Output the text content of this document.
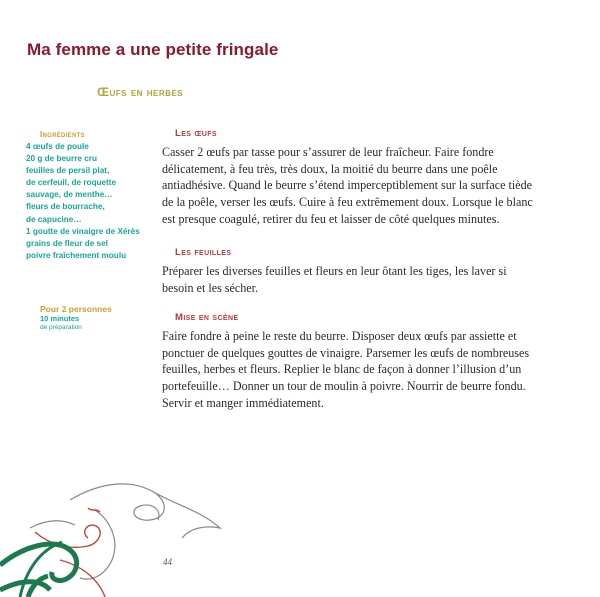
Ma femme a une petite fringale
Œufs en herbes
Ingrédients
4 œufs de poule
20 g de beurre cru
feuilles de persil plat,
de cerfeuil, de roquette
sauvage, de menthe…
fleurs de bourrache,
de capucine…
1 goutte de vinaigre de Xérès
grains de fleur de sel
poivre fraîchement moulu
Pour 2 personnes
10 minutes
de préparation
Les œufs

Casser 2 œufs par tasse pour s’assurer de leur fraîcheur. Faire fondre délicatement, à feu très, très doux, la moitié du beurre dans une poêle antiadhésive. Quand le beurre s’étend imperceptiblement sur la surface tiède de la poêle, verser les œufs. Cuire à feu extrêmement doux. Lorsque le blanc est presque coagulé, retirer du feu et laisser de côté quelques minutes.

Les feuilles

Préparer les diverses feuilles et fleurs en leur ôtant les tiges, les laver si besoin et les sécher.

Mise en scène

Faire fondre à peine le reste du beurre. Disposer deux œufs par assiette et ponctuer de quelques gouttes de vinaigre. Parsemer les œufs de nombreuses feuilles, herbes et fleurs. Replier le blanc de façon à donner l’illusion d’un portefeuille… Donner un tour de moulin à poivre. Nourrir de beurre fondu. Servir et manger immédiatement.

44
